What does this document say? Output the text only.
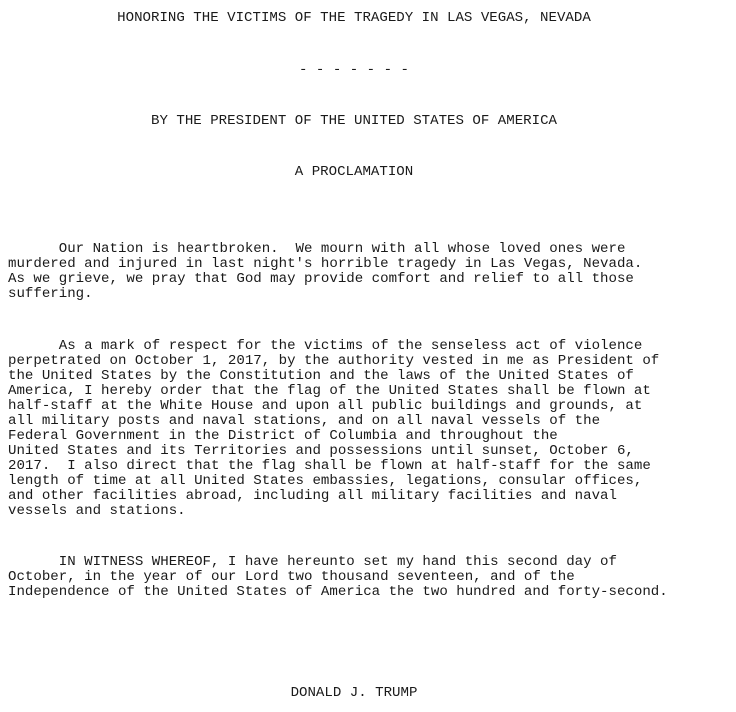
HONORING THE VICTIMS OF THE TRAGEDY IN LAS VEGAS, NEVADA

- - - - - - -

BY THE PRESIDENT OF THE UNITED STATES OF AMERICA

A PROCLAMATION

Our Nation is heartbroken.  We mourn with all whose loved ones were
murdered and injured in last night's horrible tragedy in Las Vegas, Nevada.
As we grieve, we pray that God may provide comfort and relief to all those
suffering.
As a mark of respect for the victims of the senseless act of violence
perpetrated on October 1, 2017, by the authority vested in me as President of
the United States by the Constitution and the laws of the United States of
America, I hereby order that the flag of the United States shall be flown at
half-staff at the White House and upon all public buildings and grounds, at
all military posts and naval stations, and on all naval vessels of the
Federal Government in the District of Columbia and throughout the
United States and its Territories and possessions until sunset, October 6,
2017.  I also direct that the flag shall be flown at half-staff for the same
length of time at all United States embassies, legations, consular offices,
and other facilities abroad, including all military facilities and naval
vessels and stations.
IN WITNESS WHEREOF, I have hereunto set my hand this second day of
October, in the year of our Lord two thousand seventeen, and of the
Independence of the United States of America the two hundred and forty-second.

DONALD J. TRUMP
